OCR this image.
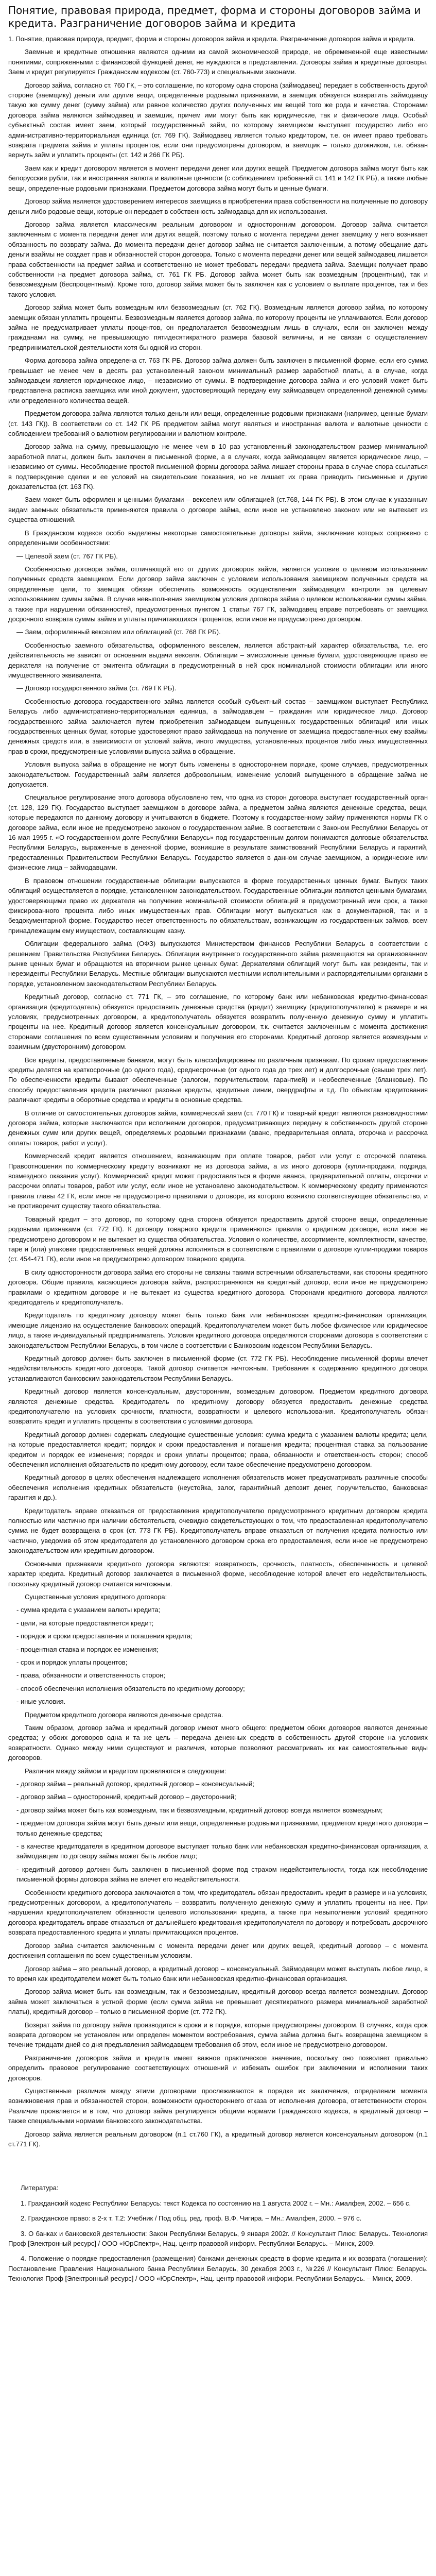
Понятие, правовая природа, предмет, форма и стороны договоров займа и кредита. Разграничение договоров займа и кредита

1. Понятие, правовая природа, предмет, форма и стороны договоров займа и кредита. Разграничение договоров займа и кредита.

Заемные и кредитные отношения являются одними из самой экономической природе, не обремененной еще известными понятиями, сопряженными с финансовой функцией денег, не нуждаются в представлении. Договоры займа и кредитные договоры. Заем и кредит регулируется Гражданским кодексом (ст. 760-773) и специальными законами.

Договор займа, согласно ст. 760 ГК, – это соглашение, по которому одна сторона (займодавец) передает в собственность другой стороне (заемщику) деньги или другие вещи, определенные родовыми признаками, а заемщик обязуется возвратить займодавцу такую же сумму денег (сумму займа) или равное количество других полученных им вещей того же рода и качества. Сторонами договора займа являются займодавец и заемщик, причем ими могут быть как юридические, так и физические лица. Особый субъектный состав имеет заем, который государственный займ, по которому заемщиком выступает государство либо его административно-территориальная единица (ст. 769 ГК). Займодавец является только кредитором, т.е. он имеет право требовать возврата предмета займа и уплаты процентов, если они предусмотрены договором, а заемщик – только должником, т.е. обязан вернуть займ и уплатить проценты (ст. 142 и 266 ГК РБ).

Заем как и кредит договором является в момент передачи денег или других вещей. Предметом договора займа могут быть как белорусские рубли, так и иностранная валюта и валютные ценности (с соблюдением требований ст. 141 и 142 ГК РБ), а также любые вещи, определенные родовыми признаками. Предметом договора займа могут быть и ценные бумаги.

Договор займа является удостоверением интересов заемщика в приобретении права собственности на полученные по договору деньги либо родовые вещи, которые он передает в собственность займодавца для их использования.

Договор займа является классическим реальным договором и односторонним договором. Договор займа считается заключенным с момента передачи денег или других вещей, поэтому только с момента передачи денег заемщику у него возникает обязанность по возврату займа. До момента передачи денег договор займа не считается заключенным, а потому обещание дать деньги взаймы не создает прав и обязанностей сторон договора. Только с момента передачи денег или вещей займодавец лишается права собственности на предмет займа и соответственно не может требовать передачи предмета займа. Заемщик получает право собственности на предмет договора займа, ст. 761 ГК РБ. Договор займа может быть как возмездным (процентным), так и безвозмездным (беспроцентным). Кроме того, договор займа может быть заключен как с условием о выплате процентов, так и без такого условия.

Договор займа может быть возмездным или безвозмездным (ст. 762 ГК). Возмездным является договор займа, по которому заемщик обязан уплатить проценты. Безвозмездным является договор займа, по которому проценты не уплачиваются. Если договор займа не предусматривает уплаты процентов, он предполагается безвозмездным лишь в случаях, если он заключен между гражданами на сумму, не превышающую пятидесятикратного размера базовой величины, и не связан с осуществлением предпринимательской деятельности хотя бы одной из сторон.

Форма договора займа определена ст. 763 ГК РБ. Договор займа должен быть заключен в письменной форме, если его сумма превышает не менее чем в десять раз установленный законом минимальный размер заработной платы, а в случае, когда займодавцем является юридическое лицо, – независимо от суммы. В подтверждение договора займа и его условий может быть представлена расписка заемщика или иной документ, удостоверяющий передачу ему займодавцем определенной денежной суммы или определенного количества вещей.

Предметом договора займа являются только деньги или вещи, определенные родовыми признаками (например, ценные бумаги (ст. 143 ГК)). В соответствии со ст. 142 ГК РБ предметом займа могут являться и иностранная валюта и валютные ценности с соблюдением требований о валютном регулировании и валютном контроле.

Договор займа на сумму, превышающую не менее чем в 10 раз установленный законодательством размер минимальной заработной платы, должен быть заключен в письменной форме, а в случаях, когда займодавцем является юридическое лицо, – независимо от суммы. Несоблюдение простой письменной формы договора займа лишает стороны права в случае спора ссылаться в подтверждение сделки и ее условий на свидетельские показания, но не лишает их права приводить письменные и другие доказательства (ст. 163 ГК).

Заем может быть оформлен и ценными бумагами – векселем или облигацией (ст.768, 144 ГК РБ). В этом случае к указанным видам заемных обязательств применяются правила о договоре займа, если иное не установлено законом или не вытекает из существа отношений.

В Гражданском кодексе особо выделены некоторые самостоятельные договоры займа, заключение которых сопряжено с определенными особенностями:

— Целевой заем (ст. 767 ГК РБ).

Особенностью договора займа, отличающей его от других договоров займа, является условие о целевом использовании полученных средств заемщиком. Если договор займа заключен с условием использования заемщиком полученных средств на определенные цели, то заемщик обязан обеспечить возможность осуществления займодавцем контроля за целевым использованием суммы займа. В случае невыполнения заемщиком условия договора займа о целевом использовании суммы займа, а также при нарушении обязанностей, предусмотренных пунктом 1 статьи 767 ГК, займодавец вправе потребовать от заемщика досрочного возврата суммы займа и уплаты причитающихся процентов, если иное не предусмотрено договором.

— Заем, оформленный векселем или облигацией (ст. 768 ГК РБ).

Особенностью заемного обязательства, оформленного векселем, является абстрактный характер обязательства, т.е. его действительность не зависит от основания выдачи векселя. Облигации – эмиссионные ценные бумаги, удостоверяющие право ее держателя на получение от эмитента облигации в предусмотренный в ней срок номинальной стоимости облигации или иного имущественного эквивалента.

— Договор государственного займа (ст. 769 ГК РБ).

Особенностью договора государственного займа является особый субъектный состав – заемщиком выступает Республика Беларусь либо административно-территориальная единица, а займодавцем – гражданин или юридическое лицо. Договор государственного займа заключается путем приобретения займодавцем выпущенных государственных облигаций или иных государственных ценных бумаг, которые удостоверяют право займодавца на получение от заемщика предоставленных ему взаймы денежных средств или, в зависимости от условий займа, иного имущества, установленных процентов либо иных имущественных прав в сроки, предусмотренные условиями выпуска займа в обращение.

Условия выпуска займа в обращение не могут быть изменены в одностороннем порядке, кроме случаев, предусмотренных законодательством. Государственный займ является добровольным, изменение условий выпущенного в обращение займа не допускается.

Специальное регулирование этого договора обусловлено тем, что одна из сторон договора выступает государственный орган (ст. 128, 129 ГК). Государство выступает заемщиком в договоре займа, а предметом займа являются денежные средства, вещи, которые передаются по данному договору и учитываются в бюджете. Поэтому к государственному займу применяются нормы ГК о договоре займа, если иное не предусмотрено законом о государственном займе. В соответствии с Законом Республики Беларусь от 16 мая 1995 г. «О государственном долге Республики Беларусь» под государственным долгом понимаются долговые обязательства Республики Беларусь, выраженные в денежной форме, возникшие в результате заимствований Республики Беларусь и гарантий, предоставленных Правительством Республики Беларусь. Государство является в данном случае заемщиком, а юридические или физические лица – займодавцами.

В правовом отношении государственные облигации выпускаются в форме государственных ценных бумаг. Выпуск таких облигаций осуществляется в порядке, установленном законодательством. Государственные облигации являются ценными бумагами, удостоверяющими право их держателя на получение номинальной стоимости облигаций в предусмотренный ими срок, а также фиксированного процента либо иных имущественных прав. Облигации могут выпускаться как в документарной, так и в бездокументарной форме. Государство несет ответственность по обязательствам, возникающим из государственных займов, всем принадлежащим ему имуществом, составляющим казну.

Облигации федерального займа (ОФЗ) выпускаются Министерством финансов Республики Беларусь в соответствии с решением Правительства Республики Беларусь. Облигации внутреннего государственного займа размещаются на организованном рынке ценных бумаг и обращаются на вторичном рынке ценных бумаг. Держателями облигаций могут быть как резиденты, так и нерезиденты Республики Беларусь. Местные облигации выпускаются местными исполнительными и распорядительными органами в порядке, установленном законодательством Республики Беларусь.

Кредитный договор, согласно ст. 771 ГК, – это соглашение, по которому банк или небанковская кредитно-финансовая организация (кредитодатель) обязуется предоставить денежные средства (кредит) заемщику (кредитополучателю) в размере и на условиях, предусмотренных договором, а кредитополучатель обязуется возвратить полученную денежную сумму и уплатить проценты на нее. Кредитный договор является консенсуальным договором, т.к. считается заключенным с момента достижения сторонами соглашения по всем существенным условиям и получения его сторонами. Кредитный договор является возмездным и взаимным (двусторонним) договором.

Все кредиты, предоставляемые банками, могут быть классифицированы по различным признакам. По срокам предоставления кредиты делятся на краткосрочные (до одного года), среднесрочные (от одного года до трех лет) и долгосрочные (свыше трех лет). По обеспеченности кредиты бывают обеспеченные (залогом, поручительством, гарантией) и необеспеченные (бланковые). По способу предоставления кредита различают разовые кредиты, кредитные линии, овердрафты и т.д. По объектам кредитования различают кредиты в оборотные средства и кредиты в основные средства.

В отличие от самостоятельных договоров займа, коммерческий заем (ст. 770 ГК) и товарный кредит являются разновидностями договора займа, которые заключаются при исполнении договоров, предусматривающих передачу в собственность другой стороне денежных сумм или других вещей, определяемых родовыми признаками (аванс, предварительная оплата, отсрочка и рассрочка оплаты товаров, работ и услуг).

Коммерческий кредит является отношением, возникающим при оплате товаров, работ или услуг с отсрочкой платежа. Правоотношения по коммерческому кредиту возникают не из договора займа, а из иного договора (купли-продажи, подряда, возмездного оказания услуг). Коммерческий кредит может предоставляться в форме аванса, предварительной оплаты, отсрочки и рассрочки оплаты товаров, работ или услуг, если иное не установлено законодательством. К коммерческому кредиту применяются правила главы 42 ГК, если иное не предусмотрено правилами о договоре, из которого возникло соответствующее обязательство, и не противоречит существу такого обязательства.

Товарный кредит – это договор, по которому одна сторона обязуется предоставить другой стороне вещи, определенные родовыми признаками (ст. 772 ГК). К договору товарного кредита применяются правила о кредитном договоре, если иное не предусмотрено договором и не вытекает из существа обязательства. Условия о количестве, ассортименте, комплектности, качестве, таре и (или) упаковке предоставляемых вещей должны исполняться в соответствии с правилами о договоре купли-продажи товаров (ст. 454-471 ГК), если иное не предусмотрено договором товарного кредита.

В силу односторонности договора займа его стороны не связаны такими встречными обязательствами, как стороны кредитного договора. Общие правила, касающиеся договора займа, распространяются на кредитный договор, если иное не предусмотрено правилами о кредитном договоре и не вытекает из существа кредитного договора. Сторонами кредитного договора являются кредитодатель и кредитополучатель.

Кредитодатель по кредитному договору может быть только банк или небанковская кредитно-финансовая организация, имеющие лицензию на осуществление банковских операций. Кредитополучателем может быть любое физическое или юридическое лицо, а также индивидуальный предприниматель. Условия кредитного договора определяются сторонами договора в соответствии с законодательством Республики Беларусь, в том числе в соответствии с Банковским кодексом Республики Беларусь.

Кредитный договор должен быть заключен в письменной форме (ст. 772 ГК РБ). Несоблюдение письменной формы влечет недействительность кредитного договора. Такой договор считается ничтожным. Требования к содержанию кредитного договора устанавливаются банковским законодательством Республики Беларусь.

Кредитный договор является консенсуальным, двусторонним, возмездным договором. Предметом кредитного договора являются денежные средства. Кредитодатель по кредитному договору обязуется предоставить денежные средства кредитополучателю на условиях срочности, платности, возвратности и целевого использования. Кредитополучатель обязан возвратить кредит и уплатить проценты в соответствии с условиями договора.

Кредитный договор должен содержать следующие существенные условия: сумма кредита с указанием валюты кредита; цели, на которые предоставляется кредит; порядок и сроки предоставления и погашения кредита; процентная ставка за пользование кредитом и порядок ее изменения; порядок и сроки уплаты процентов; права, обязанности и ответственность сторон; способ обеспечения исполнения обязательств по кредитному договору, если такое обеспечение предусмотрено договором.

Кредитный договор в целях обеспечения надлежащего исполнения обязательств может предусматривать различные способы обеспечения исполнения кредитных обязательств (неустойка, залог, гарантийный депозит денег, поручительство, банковская гарантия и др.).

Кредитодатель вправе отказаться от предоставления кредитополучателю предусмотренного кредитным договором кредита полностью или частично при наличии обстоятельств, очевидно свидетельствующих о том, что предоставленная кредитополучателю сумма не будет возвращена в срок (ст. 773 ГК РБ). Кредитополучатель вправе отказаться от получения кредита полностью или частично, уведомив об этом кредитодателя до установленного договором срока его предоставления, если иное не предусмотрено законодательством или кредитным договором.

Основными признаками кредитного договора являются: возвратность, срочность, платность, обеспеченность и целевой характер кредита. Кредитный договор заключается в письменной форме, несоблюдение которой влечет его недействительность, поскольку кредитный договор считается ничтожным.

Существенные условия кредитного договора:

- сумма кредита с указанием валюты кредита;

- цели, на которые предоставляется кредит;

- порядок и сроки предоставления и погашения кредита;

- процентная ставка и порядок ее изменения;

- срок и порядок уплаты процентов;

- права, обязанности и ответственность сторон;

- способ обеспечения исполнения обязательств по кредитному договору;

- иные условия.

Предметом кредитного договора являются денежные средства.

Таким образом, договор займа и кредитный договор имеют много общего: предметом обоих договоров являются денежные средства; у обоих договоров одна и та же цель – передача денежных средств в собственность другой стороне на условиях возвратности. Однако между ними существуют и различия, которые позволяют рассматривать их как самостоятельные виды договоров.

Различия между займом и кредитом проявляются в следующем:

- договор займа – реальный договор, кредитный договор – консенсуальный;

- договор займа – односторонний, кредитный договор – двусторонний;

- договор займа может быть как возмездным, так и безвозмездным, кредитный договор всегда является возмездным;

- предметом договора займа могут быть деньги или вещи, определенные родовыми признаками, предметом кредитного договора – только денежные средства;

- в качестве кредитодателя в кредитном договоре выступает только банк или небанковская кредитно-финансовая организация, а займодавцем по договору займа может быть любое лицо;

- кредитный договор должен быть заключен в письменной форме под страхом недействительности, тогда как несоблюдение письменной формы договора займа не влечет его недействительности.

Особенности кредитного договора заключаются в том, что кредитодатель обязан предоставить кредит в размере и на условиях, предусмотренных договором, а кредитополучатель – возвратить полученную денежную сумму и уплатить проценты на нее. При нарушении кредитополучателем обязанности целевого использования кредита, а также при невыполнении условий кредитного договора кредитодатель вправе отказаться от дальнейшего кредитования кредитополучателя по договору и потребовать досрочного возврата предоставленного кредита и уплаты причитающихся процентов.

Договор займа считается заключенным с момента передачи денег или других вещей, кредитный договор – с момента достижения соглашения по всем существенным условиям.

Договор займа – это реальный договор, а кредитный договор – консенсуальный. Займодавцем может выступать любое лицо, в то время как кредитодателем может быть только банк или небанковская кредитно-финансовая организация.

Договор займа может быть как возмездным, так и безвозмездным, кредитный договор всегда является возмездным. Договор займа может заключаться в устной форме (если сумма займа не превышает десятикратного размера минимальной заработной платы), кредитный договор – только в письменной форме (ст. 772 ГК).

Возврат займа по договору займа производится в сроки и в порядке, которые предусмотрены договором. В случаях, когда срок возврата договором не установлен или определен моментом востребования, сумма займа должна быть возвращена заемщиком в течение тридцати дней со дня предъявления займодавцем требования об этом, если иное не предусмотрено договором.

Разграничение договоров займа и кредита имеет важное практическое значение, поскольку оно позволяет правильно определить правовое регулирование соответствующих отношений и избежать ошибок при заключении и исполнении таких договоров.

Существенные различия между этими договорами прослеживаются в порядке их заключения, определении момента возникновения прав и обязанностей сторон, возможности одностороннего отказа от исполнения договора, ответственности сторон. Различие проявляется и в том, что договор займа регулируется общими нормами Гражданского кодекса, а кредитный договор – также специальными нормами банковского законодательства.

Договор займа является реальным договором (п.1 ст.760 ГК), а кредитный договор является консенсуальным договором (п.1 ст.771 ГК).

Литература:

1. Гражданский кодекс Республики Беларусь: текст Кодекса по состоянию на 1 августа 2002 г. – Мн.: Амалфея, 2002. – 656 с.

2. Гражданское право: в 2-х т. Т.2: Учебник / Под общ. ред. проф. В.Ф. Чигира. – Мн.: Амалфея, 2000. – 976 с.

3. О банках и банковской деятельности: Закон Республики Беларусь, 9 января 2002г. // Консультант Плюс: Беларусь. Технология Проф [Электронный ресурс] / ООО «ЮрСпектр», Нац. центр правовой информ. Республики Беларусь. – Минск, 2009.

4. Положение о порядке предоставления (размещения) банками денежных средств в форме кредита и их возврата (погашения): Постановление Правления Национального банка Республики Беларусь, 30 декабря 2003 г., №226 // Консультант Плюс: Беларусь. Технология Проф [Электронный ресурс] / ООО «ЮрСпектр», Нац. центр правовой информ. Республики Беларусь. – Минск, 2009.
